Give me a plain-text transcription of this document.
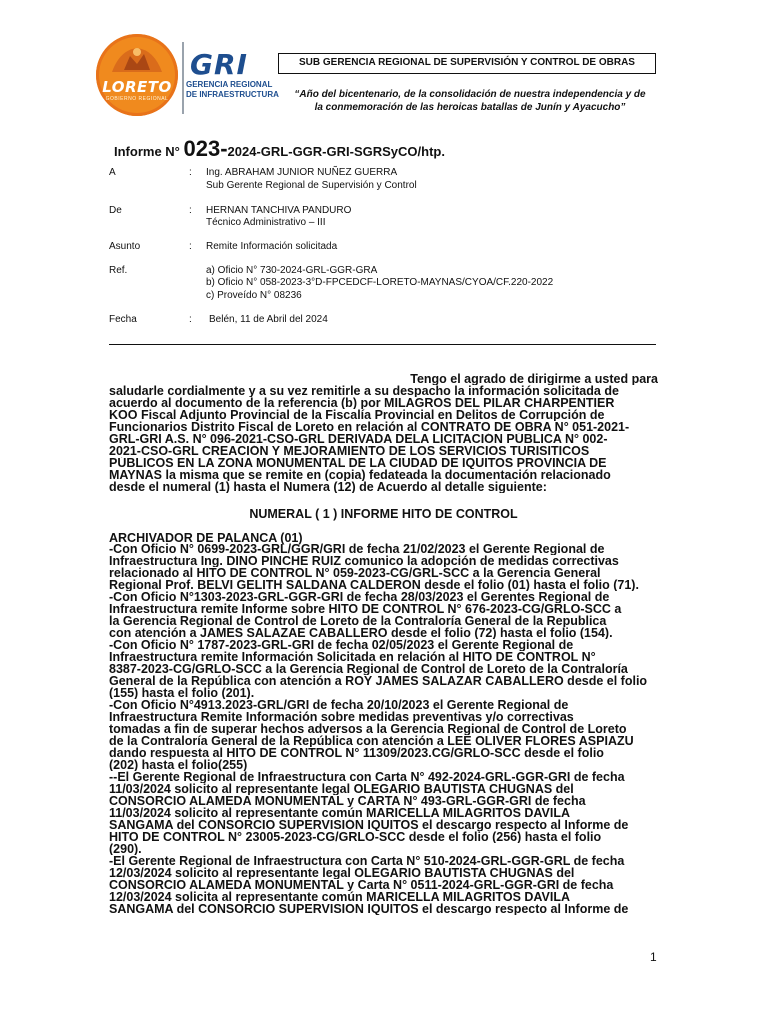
LORETO
GOBIERNO REGIONAL
GRI
GERENCIA REGIONAL
DE INFRAESTRUCTURA
SUB GERENCIA REGIONAL DE SUPERVISIÓN Y CONTROL DE OBRAS
“Año del bicentenario, de la consolidación de nuestra independencia y de
la conmemoración de las heroicas batallas de Junín y Ayacucho”
Informe N° 023-2024-GRL-GGR-GRI-SGRSyCO/htp.
A	: Ing. ABRAHAM JUNIOR NUÑEZ GUERRA
Sub Gerente Regional de Supervisión y Control
De	: HERNAN TANCHIVA PANDURO
Técnico Administrativo – III
Asunto	: Remite Información solicitada
Ref.	a) Oficio N° 730-2024-GRL-GGR-GRA
b) Oficio N° 058-2023-3°D-FPCEDCF-LORETO-MAYNAS/CYOA/CF.220-2022
c) Proveído N° 08236
Fecha	: Belén, 11 de Abril del 2024
Tengo el agrado de dirigirme a usted para
saludarle cordialmente y a su vez remitirle a su despacho la información solicitada de
acuerdo al documento de la referencia (b) por MILAGROS DEL PILAR CHARPENTIER
KOO Fiscal Adjunto Provincial de la Fiscalía Provincial en Delitos de Corrupción de
Funcionarios Distrito Fiscal de Loreto en relación al CONTRATO DE OBRA N° 051-2021-
GRL-GRI A.S. N° 096-2021-CSO-GRL DERIVADA DELA LICITACIÓN PÚBLICA N° 002-
2021-CSO-GRL CREACIÓN Y MEJORAMIENTO DE LOS SERVICIOS TURISITICOS
PÚBLICOS EN LA ZONA MONUMENTAL DE LA CIUDAD DE IQUITOS PROVINCIA DE
MAYNAS la misma que se remite en (copia) fedateada la documentación relacionado
desde el numeral (1) hasta el Numera (12) de Acuerdo al detalle siguiente:
NUMERAL ( 1 ) INFORME HITO DE CONTROL
ARCHIVADOR DE PALANCA (01)
-Con Oficio N° 0699-2023-GRL/GGR/GRI de fecha 21/02/2023 el Gerente Regional de
Infraestructura Ing. DINO PINCHE RUIZ comunico la adopción de medidas correctivas
relacionado al HITO DE CONTROL N° 059-2023-CG/GRL-SCC a la Gerencia General
Regional Prof. BELVI GELITH SALDAÑA CALDERON desde el folio (01) hasta el folio (71).
-Con Oficio N°1303-2023-GRL-GGR-GRI de fecha 28/03/2023 el Gerentes Regional de
Infraestructura remite Informe sobre HITO DE CONTROL N° 676-2023-CG/GRLO-SCC a
la Gerencia Regional de Control de Loreto de la Contraloría General de la Republica
con atención a JAMES SALAZAE CABALLERO desde el folio (72) hasta el folio (154).
-Con Oficio N° 1787-2023-GRL-GRI de fecha 02/05/2023 el Gerente Regional de
Infraestructura remite Información Solicitada en relación al HITO DE CONTROL N°
8387-2023-CG/GRLO-SCC a la Gerencia Regional de Control de Loreto de la Contraloría
General de la República con atención a ROY JAMES SALAZAR CABALLERO desde el folio
(155) hasta el folio (201).
-Con Oficio N°4913.2023-GRL/GRI de fecha 20/10/2023 el Gerente Regional de
Infraestructura Remite Información sobre medidas preventivas y/o correctivas
tomadas a fin de superar hechos adversos a la Gerencia Regional de Control de Loreto
de la Contraloría General de la República con atención a LEE OLIVER FLORES ASPIAZU
dando respuesta al HITO DE CONTROL N° 11309/2023.CG/GRLO-SCC desde el folio
(202) hasta el folio(255)
--El Gerente Regional de Infraestructura con Carta N° 492-2024-GRL-GGR-GRI de fecha
11/03/2024 solicito al representante legal OLEGARIO BAUTISTA CHUGNAS del
CONSORCIO ALAMEDA MONUMENTAL y CARTA N° 493-GRL-GGR-GRI de fecha
11/03/2024 solicito al representante común MARICELLA MILAGRITOS DAVILA
SANGAMA del CONSORCIO SUPERVISIÓN IQUITOS el descargo respecto al Informe de
HITO DE CONTROL N° 23005-2023-CG/GRLO-SCC desde el folio (256) hasta el folio
(290).
-El Gerente Regional de Infraestructura con Carta N° 510-2024-GRL-GGR-GRL de fecha
12/03/2024 solicito al representante legal OLEGARIO BAUTISTA CHUGNAS del
CONSORCIO ALAMEDA MONUMENTAL y Carta N° 0511-2024-GRL-GGR-GRI de fecha
12/03/2024 solicita al representante común MARICELLA MILAGRITOS DAVILA
SANGAMA del CONSORCIO SUPERVISION IQUITOS el descargo respecto al Informe de
1
